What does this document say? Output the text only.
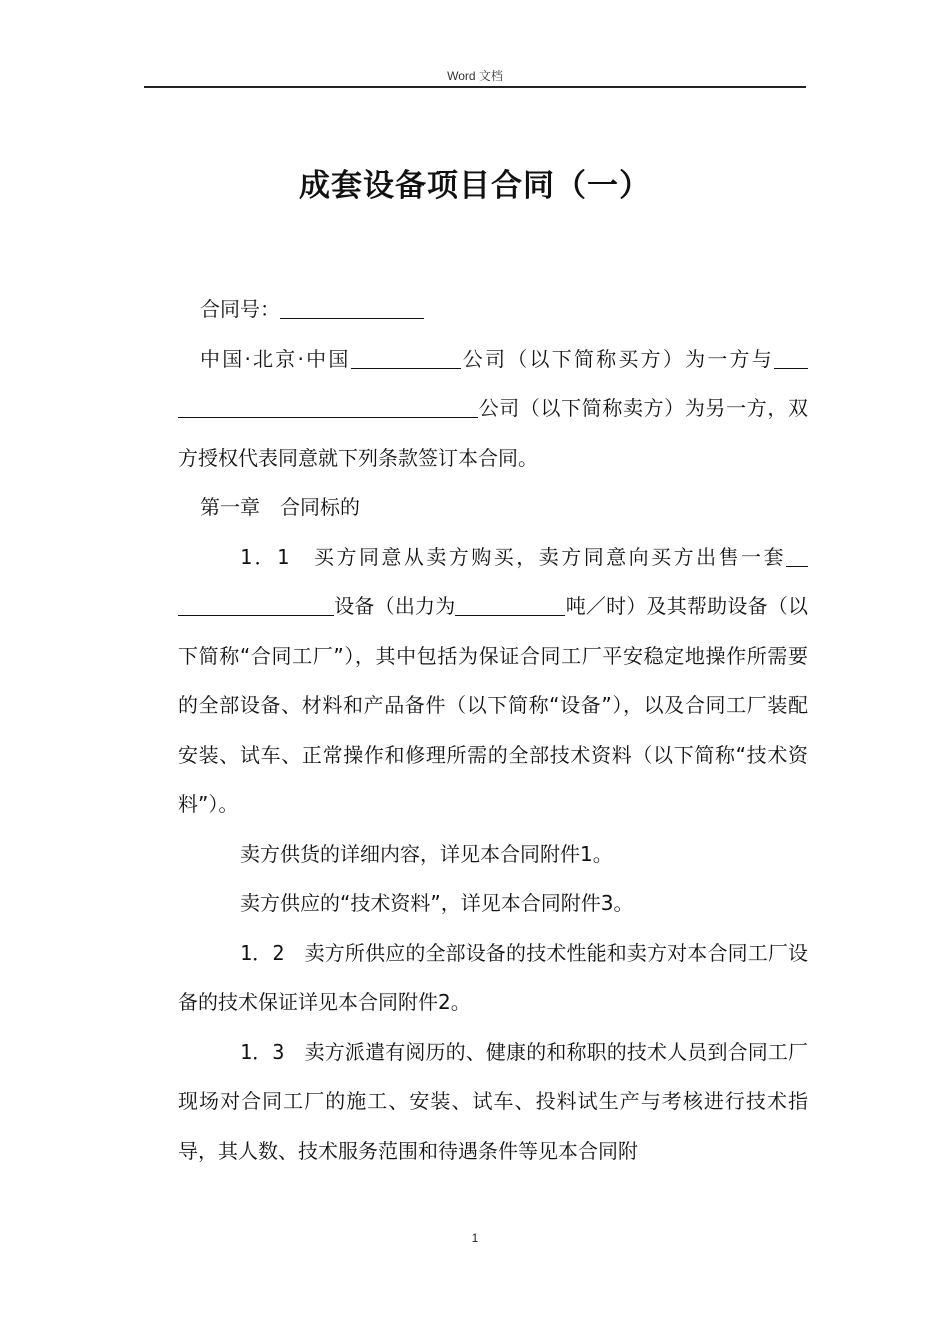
Word 文档
成套设备项目合同（一）

合同号：

中国·北京·中国	公司（以下简称买方）为一方与公司（以下简称卖方）为另一方，双方授权代表同意就下列条款签订本合同。

第一章　合同标的

1．1　买方同意从卖方购买，卖方同意向买方出售一套设备（出力为	吨／时）及其帮助设备（以下简称“合同工厂”），其中包括为保证合同工厂平安稳定地操作所需要的全部设备、材料和产品备件（以下简称“设备”），以及合同工厂装配安装、试车、正常操作和修理所需的全部技术资料（以下简称“技术资料”）。

卖方供货的详细内容，详见本合同附件1。

卖方供应的“技术资料”，详见本合同附件3。

1．2　卖方所供应的全部设备的技术性能和卖方对本合同工厂设备的技术保证详见本合同附件2。

1．3　卖方派遣有阅历的、健康的和称职的技术人员到合同工厂现场对合同工厂的施工、安装、试车、投料试生产与考核进行技术指导，其人数、技术服务范围和待遇条件等见本合同附

1
